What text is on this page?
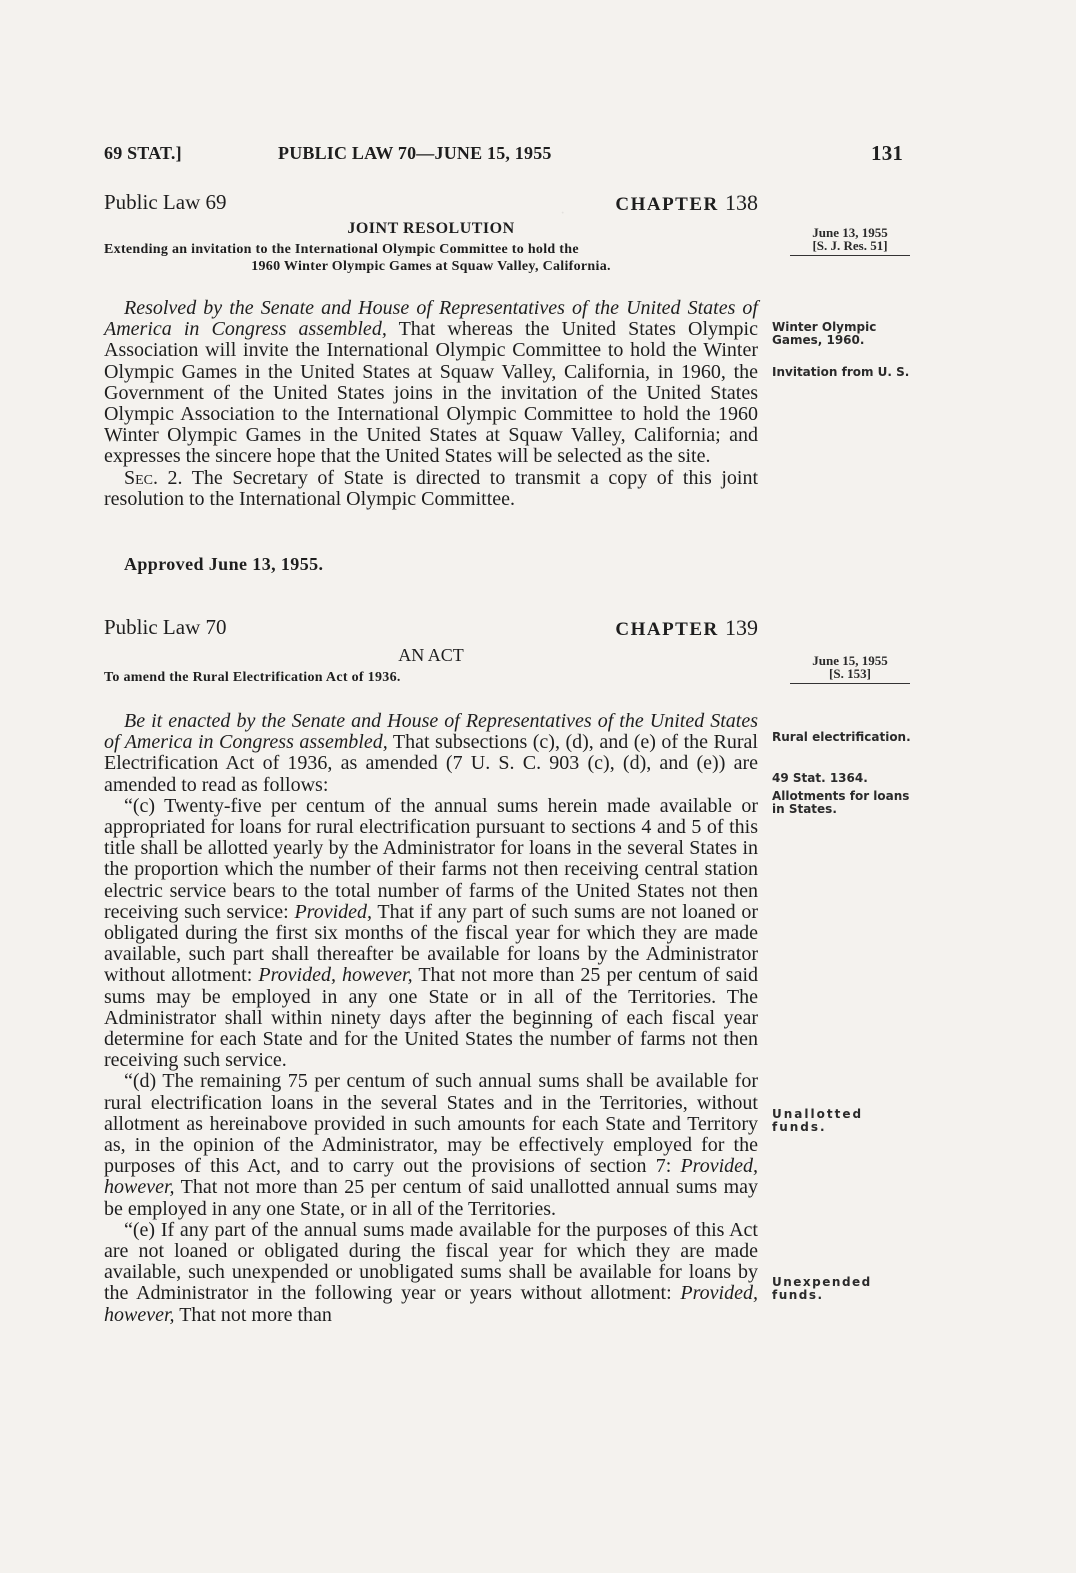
·
69 STAT.]	PUBLIC LAW 70—JUNE 15, 1955	131
Public Law 69	CHAPTER 138
JOINT RESOLUTION
Extending an invitation to the International Olympic Committee to hold the
1960 Winter Olympic Games at Squaw Valley, California.
June 13, 1955
[S. J. Res. 51]

Resolved by the Senate and House of Representatives of the United States of America in Congress assembled, That whereas the United States Olympic Association will invite the International Olympic Committee to hold the Winter Olympic Games in the United States at Squaw Valley, California, in 1960, the Government of the United States joins in the invitation of the United States Olympic Association to the International Olympic Committee to hold the 1960 Winter Olympic Games in the United States at Squaw Valley, California; and expresses the sincere hope that the United States will be selected as the site.

Sec. 2. The Secretary of State is directed to transmit a copy of this joint resolution to the International Olympic Committee.

Approved June 13, 1955.
Winter Olympic Games, 1960.
Invitation from U. S.
Public Law 70	CHAPTER 139
AN ACT
To amend the Rural Electrification Act of 1936.
June 15, 1955
[S. 153]

Be it enacted by the Senate and House of Representatives of the United States of America in Congress assembled, That subsections (c), (d), and (e) of the Rural Electrification Act of 1936, as amended (7 U. S. C. 903 (c), (d), and (e)) are amended to read as follows:

“(c) Twenty-five per centum of the annual sums herein made available or appropriated for loans for rural electrification pursuant to sections 4 and 5 of this title shall be allotted yearly by the Administrator for loans in the several States in the proportion which the number of their farms not then receiving central station electric service bears to the total number of farms of the United States not then receiving such service: Provided, That if any part of such sums are not loaned or obligated during the first six months of the fiscal year for which they are made available, such part shall thereafter be available for loans by the Administrator without allotment: Provided, however, That not more than 25 per centum of said sums may be employed in any one State or in all of the Territories. The Administrator shall within ninety days after the beginning of each fiscal year determine for each State and for the United States the number of farms not then receiving such service.

“(d) The remaining 75 per centum of such annual sums shall be available for rural electrification loans in the several States and in the Territories, without allotment as hereinabove provided in such amounts for each State and Territory as, in the opinion of the Administrator, may be effectively employed for the purposes of this Act, and to carry out the provisions of section 7: Provided, however, That not more than 25 per centum of said unallotted annual sums may be employed in any one State, or in all of the Territories.

“(e) If any part of the annual sums made available for the purposes of this Act are not loaned or obligated during the fiscal year for which they are made available, such unexpended or unobligated sums shall be available for loans by the Administrator in the following year or years without allotment: Provided, however, That not more than

Rural electrification.
49 Stat. 1364.
Allotments for loans in States.
Unallotted funds.
Unexpended funds.
